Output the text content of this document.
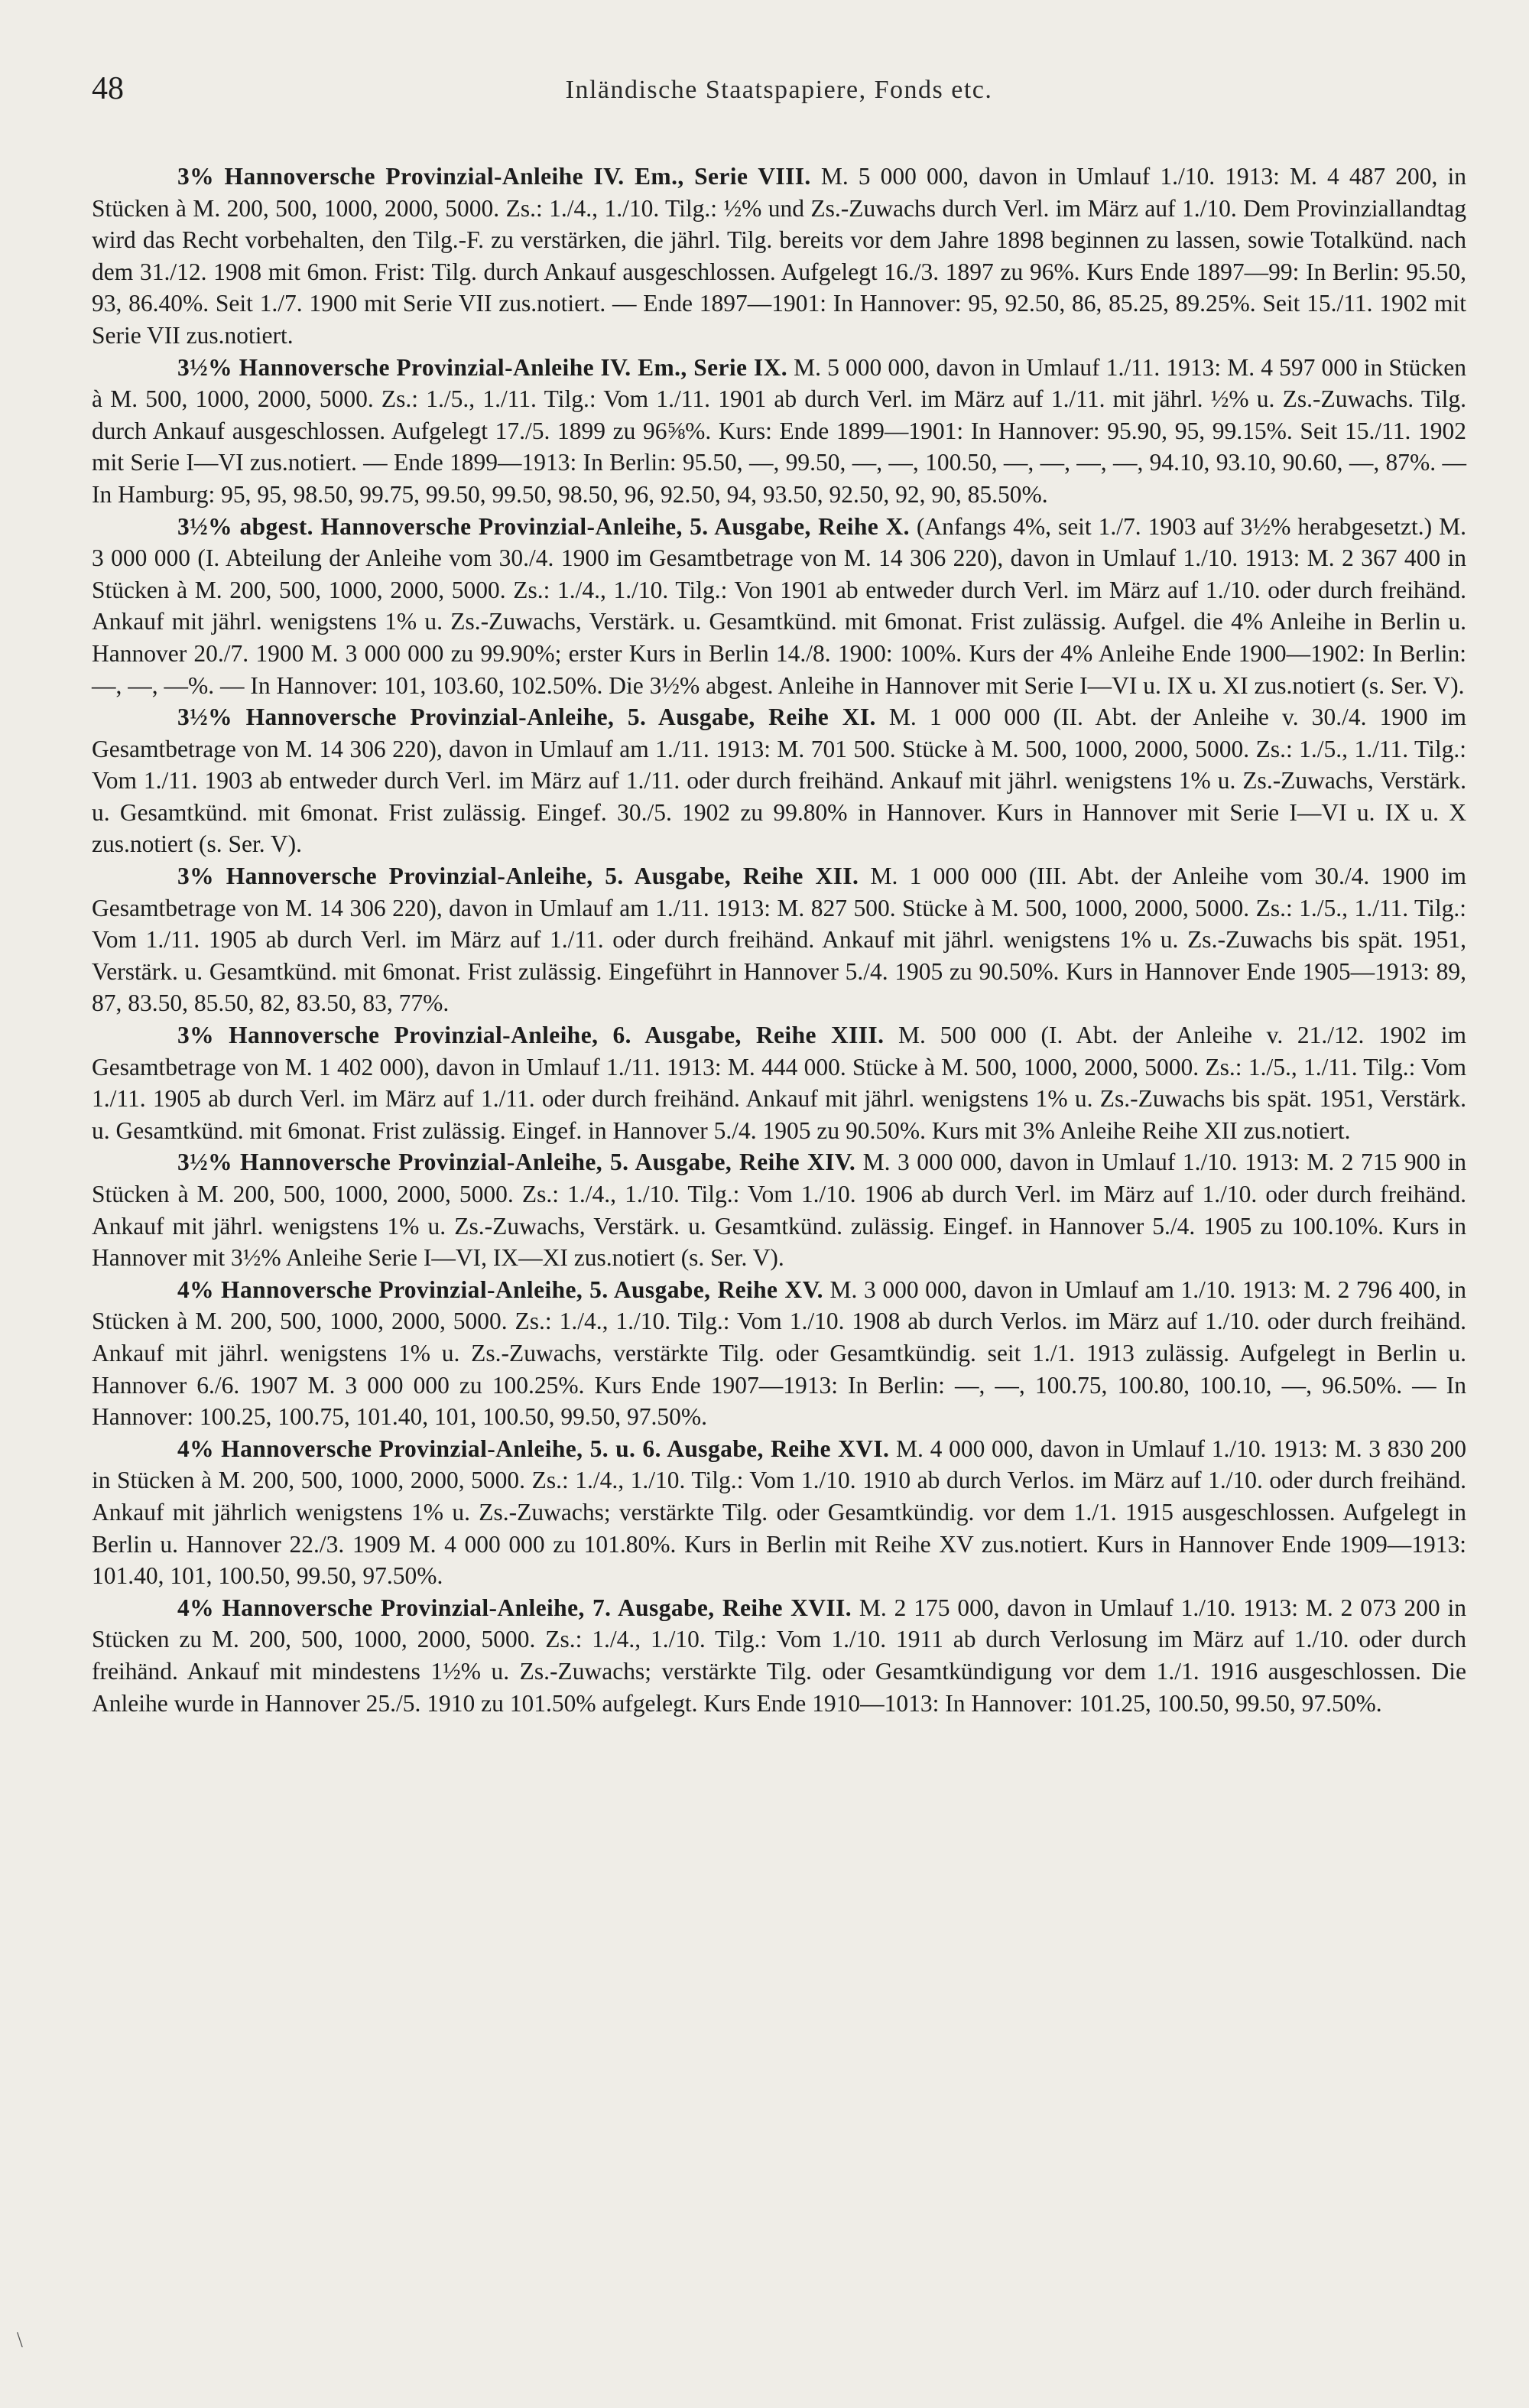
48	Inländische Staatspapiere, Fonds etc.

3% Hannoversche Provinzial-Anleihe IV. Em., Serie VIII. M. 5 000 000, davon in Umlauf 1./10. 1913: M. 4 487 200, in Stücken à M. 200, 500, 1000, 2000, 5000. Zs.: 1./4., 1./10. Tilg.: ½% und Zs.-Zuwachs durch Verl. im März auf 1./10. Dem Provinziallandtag wird das Recht vorbehalten, den Tilg.-F. zu verstärken, die jährl. Tilg. bereits vor dem Jahre 1898 beginnen zu lassen, sowie Totalkünd. nach dem 31./12. 1908 mit 6mon. Frist: Tilg. durch Ankauf ausgeschlossen. Aufgelegt 16./3. 1897 zu 96%. Kurs Ende 1897—99: In Berlin: 95.50, 93, 86.40%. Seit 1./7. 1900 mit Serie VII zus.notiert. — Ende 1897—1901: In Hannover: 95, 92.50, 86, 85.25, 89.25%. Seit 15./11. 1902 mit Serie VII zus.notiert.

3½% Hannoversche Provinzial-Anleihe IV. Em., Serie IX. M. 5 000 000, davon in Umlauf 1./11. 1913: M. 4 597 000 in Stücken à M. 500, 1000, 2000, 5000. Zs.: 1./5., 1./11. Tilg.: Vom 1./11. 1901 ab durch Verl. im März auf 1./11. mit jährl. ½% u. Zs.-Zuwachs. Tilg. durch Ankauf ausgeschlossen. Aufgelegt 17./5. 1899 zu 96⅝%. Kurs: Ende 1899—1901: In Hannover: 95.90, 95, 99.15%. Seit 15./11. 1902 mit Serie I—VI zus.notiert. — Ende 1899—1913: In Berlin: 95.50, —, 99.50, —, —, 100.50, —, —, —, —, 94.10, 93.10, 90.60, —, 87%. — In Hamburg: 95, 95, 98.50, 99.75, 99.50, 99.50, 98.50, 96, 92.50, 94, 93.50, 92.50, 92, 90, 85.50%.

3½% abgest. Hannoversche Provinzial-Anleihe, 5. Ausgabe, Reihe X. (Anfangs 4%, seit 1./7. 1903 auf 3½% herabgesetzt.) M. 3 000 000 (I. Abteilung der Anleihe vom 30./4. 1900 im Gesamtbetrage von M. 14 306 220), davon in Umlauf 1./10. 1913: M. 2 367 400 in Stücken à M. 200, 500, 1000, 2000, 5000. Zs.: 1./4., 1./10. Tilg.: Von 1901 ab entweder durch Verl. im März auf 1./10. oder durch freihänd. Ankauf mit jährl. wenigstens 1% u. Zs.-Zuwachs, Verstärk. u. Gesamtkünd. mit 6monat. Frist zulässig. Aufgel. die 4% Anleihe in Berlin u. Hannover 20./7. 1900 M. 3 000 000 zu 99.90%; erster Kurs in Berlin 14./8. 1900: 100%. Kurs der 4% Anleihe Ende 1900—1902: In Berlin: —, —, —%. — In Hannover: 101, 103.60, 102.50%. Die 3½% abgest. Anleihe in Hannover mit Serie I—VI u. IX u. XI zus.notiert (s. Ser. V).

3½% Hannoversche Provinzial-Anleihe, 5. Ausgabe, Reihe XI. M. 1 000 000 (II. Abt. der Anleihe v. 30./4. 1900 im Gesamtbetrage von M. 14 306 220), davon in Umlauf am 1./11. 1913: M. 701 500. Stücke à M. 500, 1000, 2000, 5000. Zs.: 1./5., 1./11. Tilg.: Vom 1./11. 1903 ab entweder durch Verl. im März auf 1./11. oder durch freihänd. Ankauf mit jährl. wenigstens 1% u. Zs.-Zuwachs, Verstärk. u. Gesamtkünd. mit 6monat. Frist zulässig. Eingef. 30./5. 1902 zu 99.80% in Hannover. Kurs in Hannover mit Serie I—VI u. IX u. X zus.notiert (s. Ser. V).

3% Hannoversche Provinzial-Anleihe, 5. Ausgabe, Reihe XII. M. 1 000 000 (III. Abt. der Anleihe vom 30./4. 1900 im Gesamtbetrage von M. 14 306 220), davon in Umlauf am 1./11. 1913: M. 827 500. Stücke à M. 500, 1000, 2000, 5000. Zs.: 1./5., 1./11. Tilg.: Vom 1./11. 1905 ab durch Verl. im März auf 1./11. oder durch freihänd. Ankauf mit jährl. wenigstens 1% u. Zs.-Zuwachs bis spät. 1951, Verstärk. u. Gesamtkünd. mit 6monat. Frist zulässig. Eingeführt in Hannover 5./4. 1905 zu 90.50%. Kurs in Hannover Ende 1905—1913: 89, 87, 83.50, 85.50, 82, 83.50, 83, 77%.

3% Hannoversche Provinzial-Anleihe, 6. Ausgabe, Reihe XIII. M. 500 000 (I. Abt. der Anleihe v. 21./12. 1902 im Gesamtbetrage von M. 1 402 000), davon in Umlauf 1./11. 1913: M. 444 000. Stücke à M. 500, 1000, 2000, 5000. Zs.: 1./5., 1./11. Tilg.: Vom 1./11. 1905 ab durch Verl. im März auf 1./11. oder durch freihänd. Ankauf mit jährl. wenigstens 1% u. Zs.-Zuwachs bis spät. 1951, Verstärk. u. Gesamtkünd. mit 6monat. Frist zulässig. Eingef. in Hannover 5./4. 1905 zu 90.50%. Kurs mit 3% Anleihe Reihe XII zus.notiert.

3½% Hannoversche Provinzial-Anleihe, 5. Ausgabe, Reihe XIV. M. 3 000 000, davon in Umlauf 1./10. 1913: M. 2 715 900 in Stücken à M. 200, 500, 1000, 2000, 5000. Zs.: 1./4., 1./10. Tilg.: Vom 1./10. 1906 ab durch Verl. im März auf 1./10. oder durch freihänd. Ankauf mit jährl. wenigstens 1% u. Zs.-Zuwachs, Verstärk. u. Gesamtkünd. zulässig. Eingef. in Hannover 5./4. 1905 zu 100.10%. Kurs in Hannover mit 3½% Anleihe Serie I—VI, IX—XI zus.notiert (s. Ser. V).

4% Hannoversche Provinzial-Anleihe, 5. Ausgabe, Reihe XV. M. 3 000 000, davon in Umlauf am 1./10. 1913: M. 2 796 400, in Stücken à M. 200, 500, 1000, 2000, 5000. Zs.: 1./4., 1./10. Tilg.: Vom 1./10. 1908 ab durch Verlos. im März auf 1./10. oder durch freihänd. Ankauf mit jährl. wenigstens 1% u. Zs.-Zuwachs, verstärkte Tilg. oder Gesamtkündig. seit 1./1. 1913 zulässig. Aufgelegt in Berlin u. Hannover 6./6. 1907 M. 3 000 000 zu 100.25%. Kurs Ende 1907—1913: In Berlin: —, —, 100.75, 100.80, 100.10, —, 96.50%. — In Hannover: 100.25, 100.75, 101.40, 101, 100.50, 99.50, 97.50%.

4% Hannoversche Provinzial-Anleihe, 5. u. 6. Ausgabe, Reihe XVI. M. 4 000 000, davon in Umlauf 1./10. 1913: M. 3 830 200 in Stücken à M. 200, 500, 1000, 2000, 5000. Zs.: 1./4., 1./10. Tilg.: Vom 1./10. 1910 ab durch Verlos. im März auf 1./10. oder durch freihänd. Ankauf mit jährlich wenigstens 1% u. Zs.-Zuwachs; verstärkte Tilg. oder Gesamtkündig. vor dem 1./1. 1915 ausgeschlossen. Aufgelegt in Berlin u. Hannover 22./3. 1909 M. 4 000 000 zu 101.80%. Kurs in Berlin mit Reihe XV zus.notiert. Kurs in Hannover Ende 1909—1913: 101.40, 101, 100.50, 99.50, 97.50%.

4% Hannoversche Provinzial-Anleihe, 7. Ausgabe, Reihe XVII. M. 2 175 000, davon in Umlauf 1./10. 1913: M. 2 073 200 in Stücken zu M. 200, 500, 1000, 2000, 5000. Zs.: 1./4., 1./10. Tilg.: Vom 1./10. 1911 ab durch Verlosung im März auf 1./10. oder durch freihänd. Ankauf mit mindestens 1½% u. Zs.-Zuwachs; verstärkte Tilg. oder Gesamtkündigung vor dem 1./1. 1916 ausgeschlossen. Die Anleihe wurde in Hannover 25./5. 1910 zu 101.50% aufgelegt. Kurs Ende 1910—1013: In Hannover: 101.25, 100.50, 99.50, 97.50%.

\
